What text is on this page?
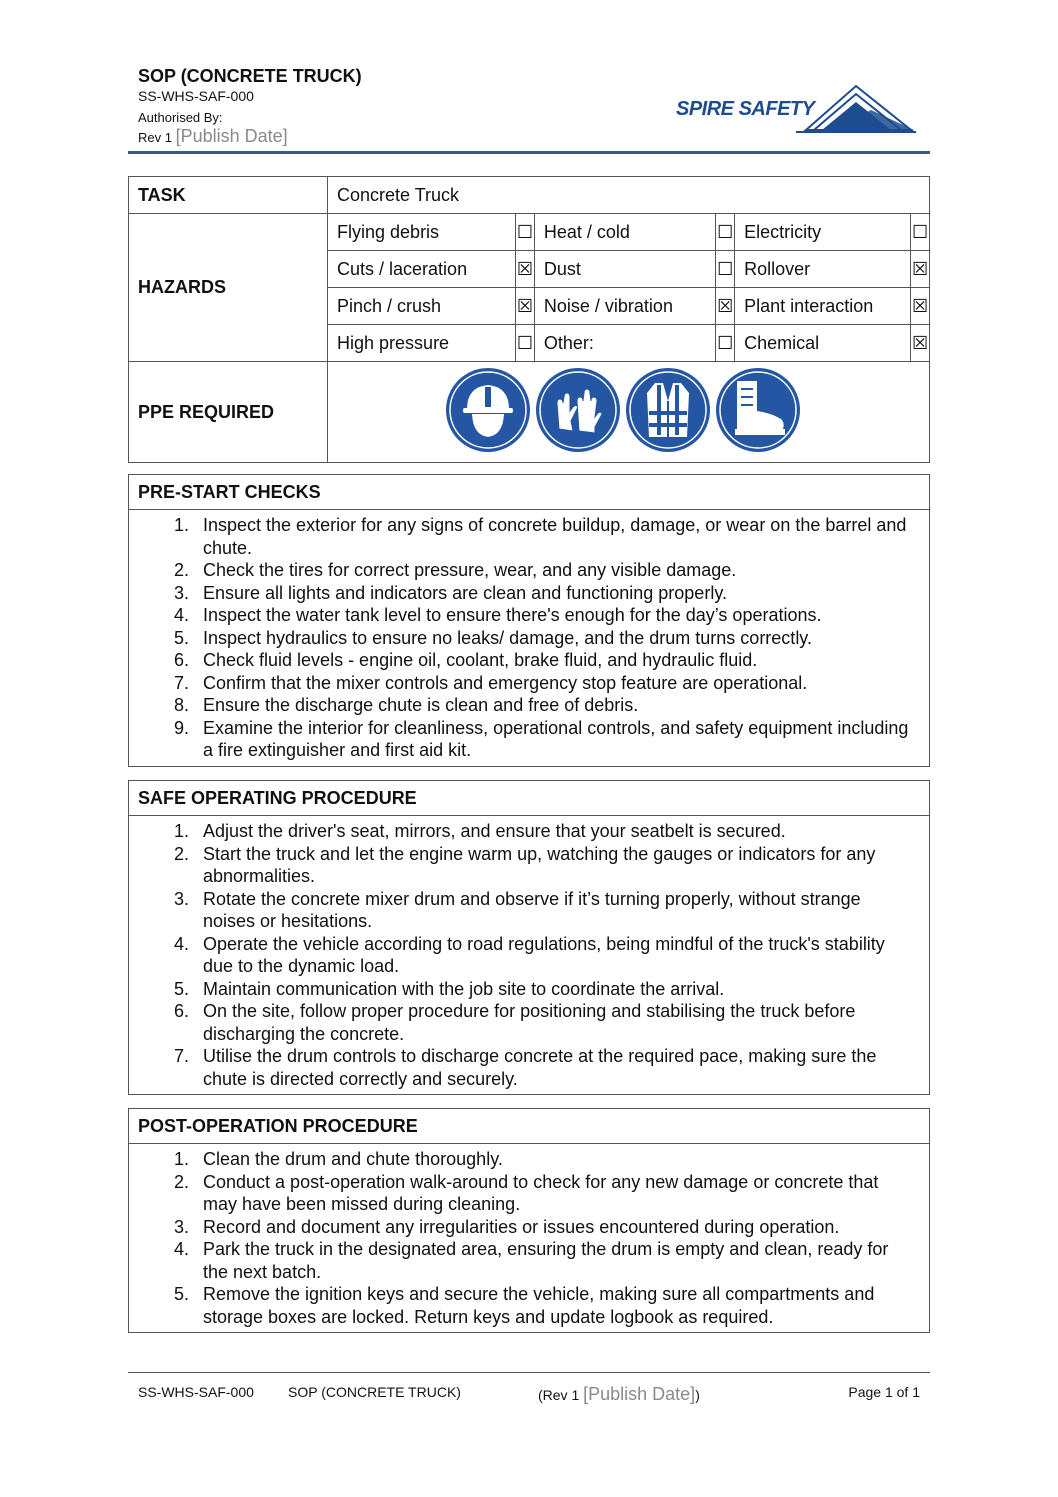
SOP (CONCRETE TRUCK)
SS-WHS-SAF-000
Authorised By:
Rev 1 [Publish Date]
SPIRE SAFETY
TASK	Concrete Truck					
HAZARDS	Flying debris	☐	Heat / cold	☐	Electricity	☐
	Cuts / laceration	☒	Dust	☐	Rollover	☒
	Pinch / crush	☒	Noise / vibration	☒	Plant interaction	☒
	High pressure	☐	Other:	☐	Chemical	☒
PPE REQUIRED	
PRE-START CHECKS
1. Inspect the exterior for any signs of concrete buildup, damage, or wear on the barrel and chute.
2. Check the tires for correct pressure, wear, and any visible damage.
3. Ensure all lights and indicators are clean and functioning properly.
4. Inspect the water tank level to ensure there's enough for the day’s operations.
5. Inspect hydraulics to ensure no leaks/ damage, and the drum turns correctly.
6. Check fluid levels - engine oil, coolant, brake fluid, and hydraulic fluid.
7. Confirm that the mixer controls and emergency stop feature are operational.
8. Ensure the discharge chute is clean and free of debris.
9. Examine the interior for cleanliness, operational controls, and safety equipment including a fire extinguisher and first aid kit.
SAFE OPERATING PROCEDURE
1. Adjust the driver's seat, mirrors, and ensure that your seatbelt is secured.
2. Start the truck and let the engine warm up, watching the gauges or indicators for any abnormalities.
3. Rotate the concrete mixer drum and observe if it’s turning properly, without strange noises or hesitations.
4. Operate the vehicle according to road regulations, being mindful of the truck's stability due to the dynamic load.
5. Maintain communication with the job site to coordinate the arrival.
6. On the site, follow proper procedure for positioning and stabilising the truck before discharging the concrete.
7. Utilise the drum controls to discharge concrete at the required pace, making sure the chute is directed correctly and securely.
POST-OPERATION PROCEDURE
1. Clean the drum and chute thoroughly.
2. Conduct a post-operation walk-around to check for any new damage or concrete that may have been missed during cleaning.
3. Record and document any irregularities or issues encountered during operation.
4. Park the truck in the designated area, ensuring the drum is empty and clean, ready for the next batch.
5. Remove the ignition keys and secure the vehicle, making sure all compartments and storage boxes are locked. Return keys and update logbook as required.
SS-WHS-SAF-000 SOP (CONCRETE TRUCK)	(Rev 1 [Publish Date])	Page 1 of 1
